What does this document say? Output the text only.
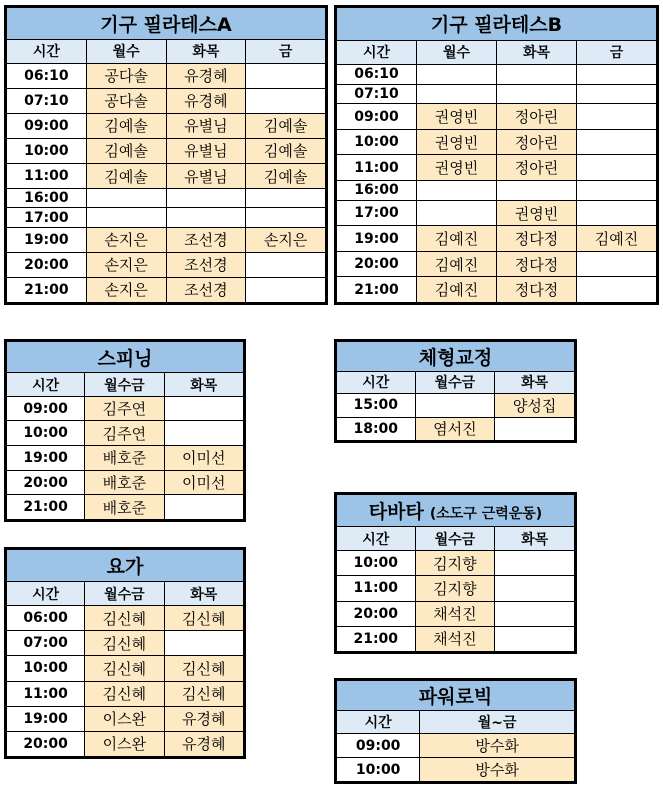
기구 필라테스A			
시간	월수	화목	금
06:10	공다솔	유경혜	
07:10	공다솔	유경혜	
09:00	김예솔	유별님	김예솔
10:00	김예솔	유별님	김예솔
11:00	김예솔	유별님	김예솔
16:00			
17:00			
19:00	손지은	조선경	손지은
20:00	손지은	조선경	
21:00	손지은	조선경	
기구 필라테스B			
시간	월수	화목	금
06:10			
07:10			
09:00	권영빈	정아린	
10:00	권영빈	정아린	
11:00	권영빈	정아린	
16:00			
17:00		권영빈	
19:00	김예진	정다정	김예진
20:00	김예진	정다정	
21:00	김예진	정다정	
스피닝		
시간	월수금	화목
09:00	김주연	
10:00	김주연	
19:00	배호준	이미선
20:00	배호준	이미선
21:00	배호준	
체형교정		
시간	월수금	화목
15:00		양성집
18:00	염서진	
타바타 (소도구 근력운동)		
시간	월수금	화목
10:00	김지향	
11:00	김지향	
20:00	채석진	
21:00	채석진	
요가		
시간	월수금	화목
06:00	김신혜	김신혜
07:00	김신혜	
10:00	김신혜	김신혜
11:00	김신혜	김신혜
19:00	이스완	유경혜
20:00	이스완	유경혜
파워로빅	
시간	월~금
09:00	방수화
10:00	방수화
